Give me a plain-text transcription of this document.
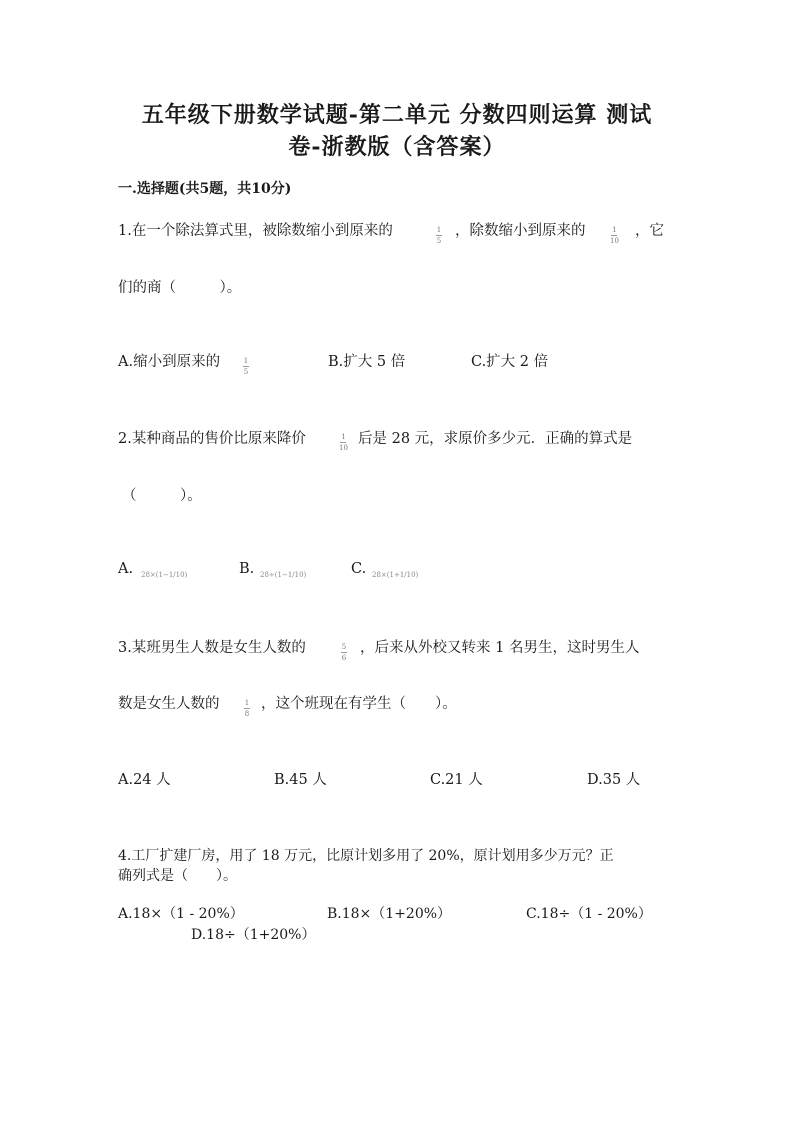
五年级下册数学试题-第二单元 分数四则运算 测试
卷-浙教版（含答案）
一.选择题(共5题，共10分)
1.在一个除法算式里，被除数缩小到原来的	1
5
，除数缩小到原来的	1
10
，它
们的商（　　　）。
A.缩小到原来的	1
5
B.扩大 5 倍	C.扩大 2 倍
2.某种商品的售价比原来降价	1
10
后是 28 元，求原价多少元．正确的算式是
（　　　）。
A. 28×(1−1/10)	B. 28÷(1−1/10)	C. 28×(1+1/10)
3.某班男生人数是女生人数的	5
6
，后来从外校又转来 1 名男生，这时男生人
数是女生人数的	1
8
，这个班现在有学生（　　）。
A.24 人	B.45 人	C.21 人	D.35 人
4.工厂扩建厂房，用了 18 万元，比原计划多用了 20%，原计划用多少万元？正
确列式是（　　）。
A.18×（1 - 20%）	B.18×（1+20%）	C.18÷（1 - 20%）
D.18÷（1+20%）
